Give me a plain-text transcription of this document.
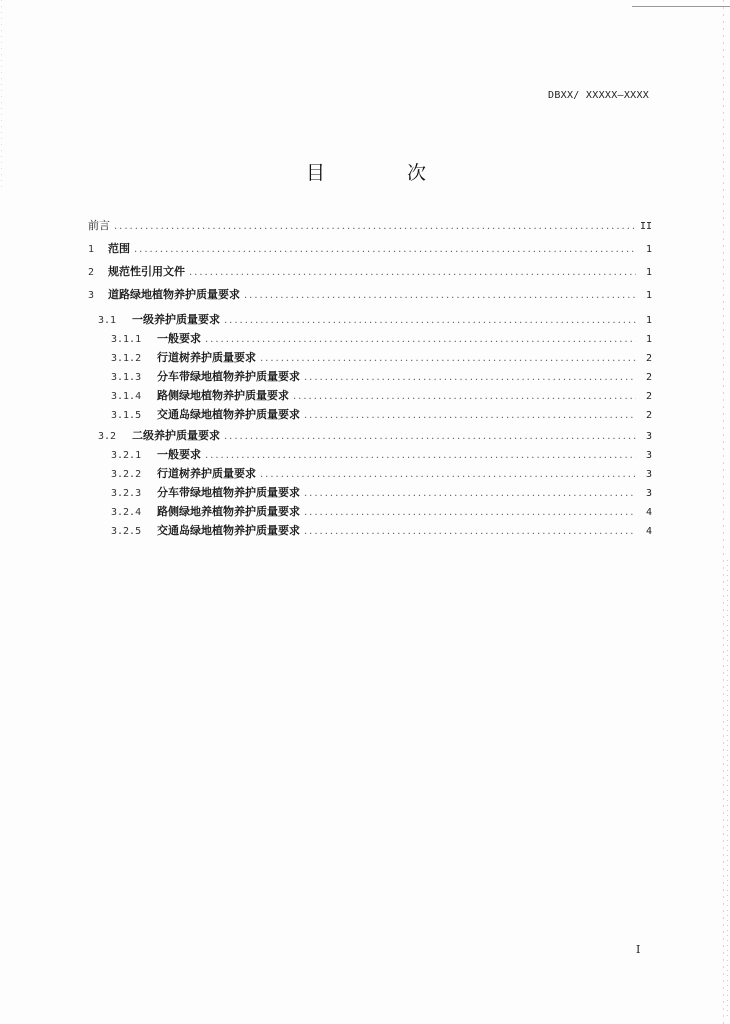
DBXX/ XXXXX—XXXX
目 次
前言 .....	II
1	范围 .....	1
2	规范性引用文件 .....	1
3	道路绿地植物养护质量要求 .....	1
3.1	一级养护质量要求 .....	1
3.1.1	一般要求 .....	1
3.1.2	行道树养护质量要求 .....	2
3.1.3	分车带绿地植物养护质量要求 .....	2
3.1.4	路侧绿地植物养护质量要求 .....	2
3.1.5	交通岛绿地植物养护质量要求 .....	2
3.2	二级养护质量要求 .....	3
3.2.1	一般要求 .....	3
3.2.2	行道树养护质量要求 .....	3
3.2.3	分车带绿地植物养护质量要求 .....	3
3.2.4	路侧绿地养植物养护质量要求 .....	4
3.2.5	交通岛绿地植物养护质量要求 .....	4
I
